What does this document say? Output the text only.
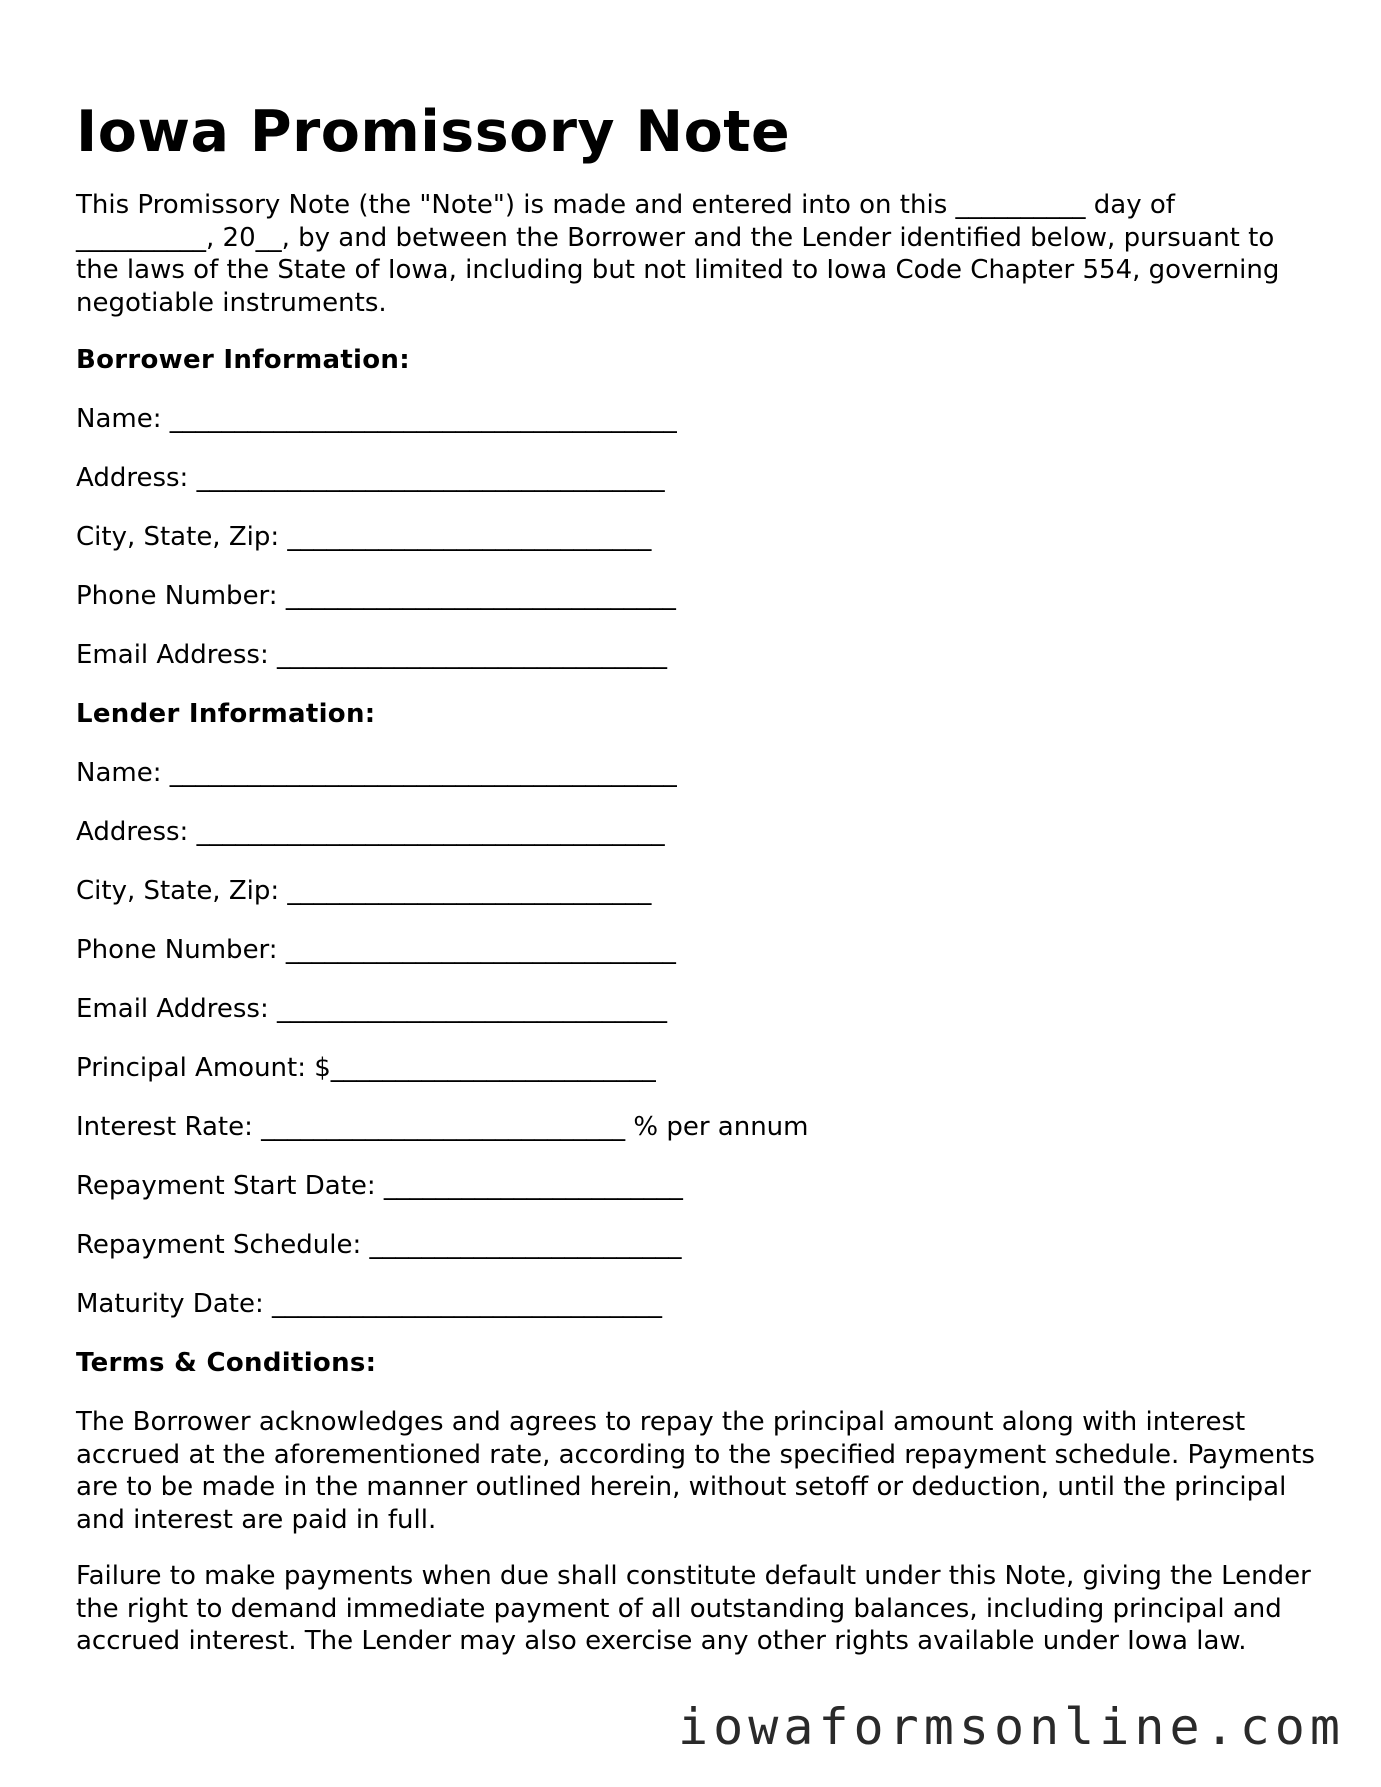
Iowa Promissory Note

This Promissory Note (the "Note") is made and entered into on this __________ day of __________, 20__, by and between the Borrower and the Lender identified below, pursuant to the laws of the State of Iowa, including but not limited to Iowa Code Chapter 554, governing negotiable instruments.

Borrower Information:

Name: _______________________________________

Address: ____________________________________

City, State, Zip: ____________________________

Phone Number: ______________________________

Email Address: ______________________________

Lender Information:

Name: _______________________________________

Address: ____________________________________

City, State, Zip: ____________________________

Phone Number: ______________________________

Email Address: ______________________________

Principal Amount: $_________________________

Interest Rate: ____________________________ % per annum

Repayment Start Date: _______________________

Repayment Schedule: ________________________

Maturity Date: ______________________________

Terms & Conditions:

The Borrower acknowledges and agrees to repay the principal amount along with interest accrued at the aforementioned rate, according to the specified repayment schedule. Payments are to be made in the manner outlined herein, without setoff or deduction, until the principal and interest are paid in full.

Failure to make payments when due shall constitute default under this Note, giving the Lender the right to demand immediate payment of all outstanding balances, including principal and accrued interest. The Lender may also exercise any other rights available under Iowa law.

iowaformsonline.com
